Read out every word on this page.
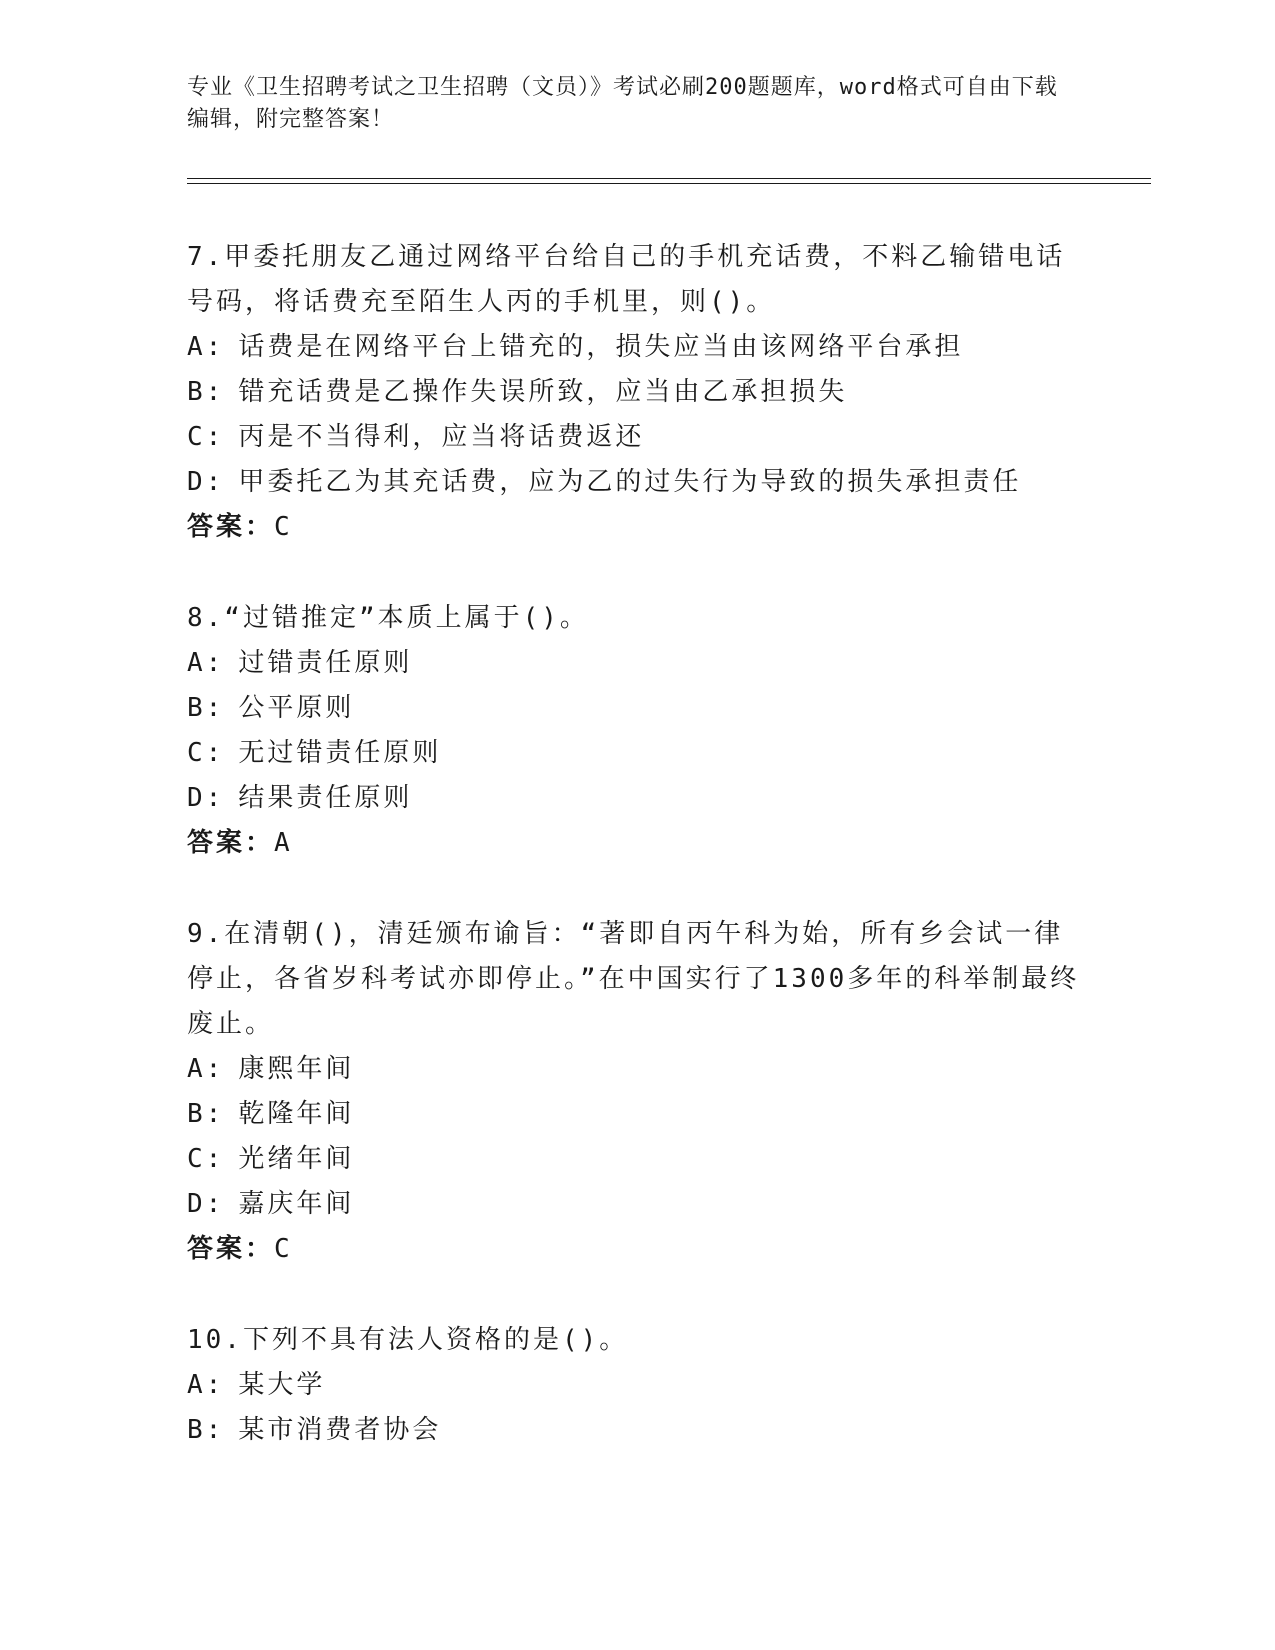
专业《卫生招聘考试之卫生招聘（文员）》考试必刷200题题库，word格式可自由下载编辑，附完整答案！

7.甲委托朋友乙通过网络平台给自己的手机充话费，不料乙输错电话号码，将话费充至陌生人丙的手机里，则()。

A: 话费是在网络平台上错充的，损失应当由该网络平台承担

B: 错充话费是乙操作失误所致，应当由乙承担损失

C: 丙是不当得利，应当将话费返还

D: 甲委托乙为其充话费，应为乙的过失行为导致的损失承担责任

答案：C

8.“过错推定”本质上属于()。

A: 过错责任原则

B: 公平原则

C: 无过错责任原则

D: 结果责任原则

答案：A

9.在清朝()，清廷颁布谕旨：“著即自丙午科为始，所有乡会试一律停止，各省岁科考试亦即停止。”在中国实行了1300多年的科举制最终废止。

A: 康熙年间

B: 乾隆年间

C: 光绪年间

D: 嘉庆年间

答案：C

10.下列不具有法人资格的是()。

A: 某大学

B: 某市消费者协会
